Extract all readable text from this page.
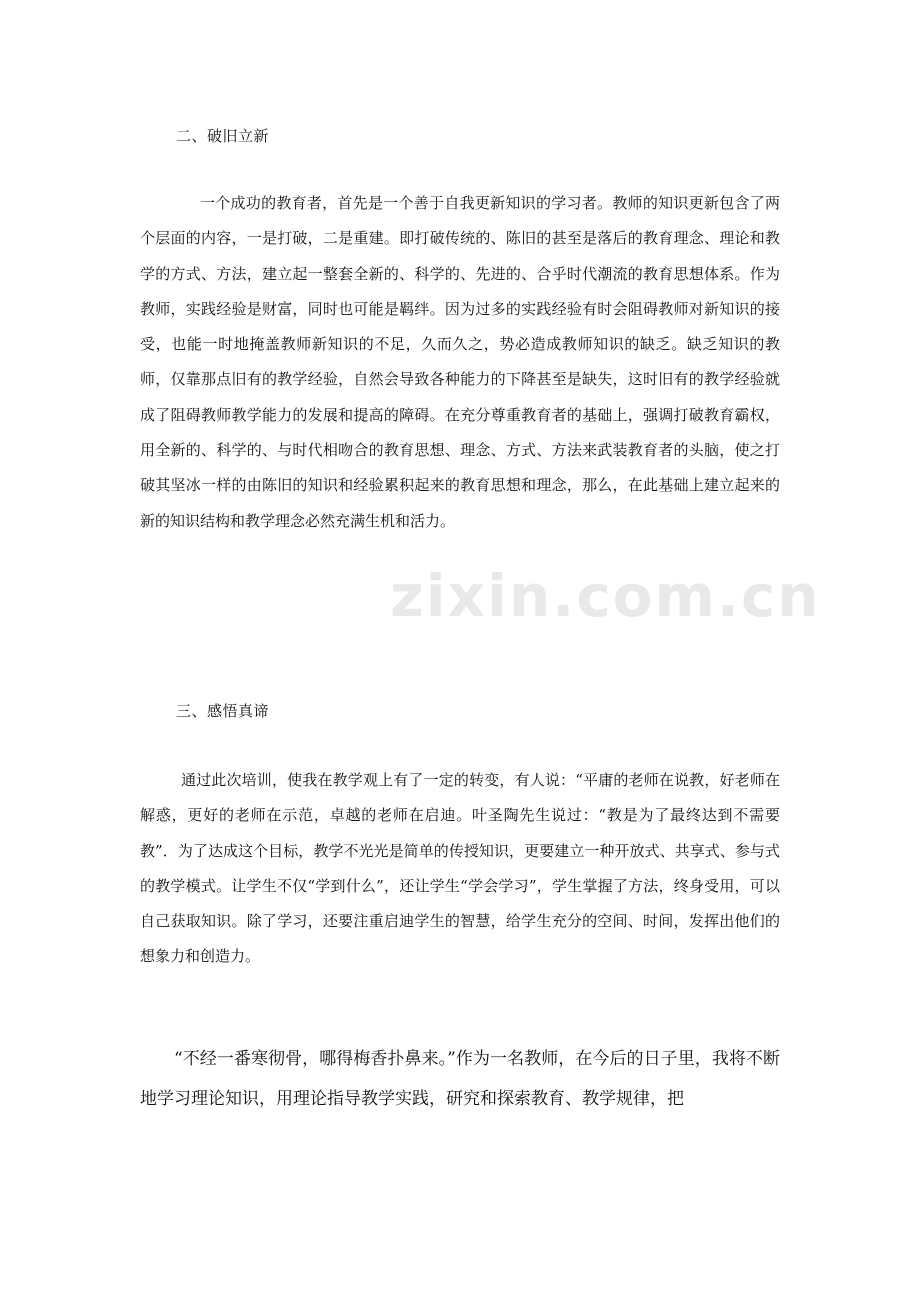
zixin.com.cn
二、破旧立新

一个成功的教育者，首先是一个善于自我更新知识的学习者。教师的知识更新包含了两个层面的内容，一是打破，二是重建。即打破传统的、陈旧的甚至是落后的教育理念、理论和教学的方式、方法，建立起一整套全新的、科学的、先进的、合乎时代潮流的教育思想体系。作为教师，实践经验是财富，同时也可能是羁绊。因为过多的实践经验有时会阻碍教师对新知识的接受，也能一时地掩盖教师新知识的不足，久而久之，势必造成教师知识的缺乏。缺乏知识的教师，仅靠那点旧有的教学经验，自然会导致各种能力的下降甚至是缺失，这时旧有的教学经验就成了阻碍教师教学能力的发展和提高的障碍。在充分尊重教育者的基础上，强调打破教育霸权，用全新的、科学的、与时代相吻合的教育思想、理念、方式、方法来武装教育者的头脑，使之打破其坚冰一样的由陈旧的知识和经验累积起来的教育思想和理念，那么，在此基础上建立起来的新的知识结构和教学理念必然充满生机和活力。

三、感悟真谛

通过此次培训，使我在教学观上有了一定的转变，有人说：“平庸的老师在说教，好老师在解惑，更好的老师在示范，卓越的老师在启迪。叶圣陶先生说过：“教是为了最终达到不需要教”．为了达成这个目标，教学不光光是简单的传授知识，更要建立一种开放式、共享式、参与式的教学模式。让学生不仅“学到什么”，还让学生“学会学习”，学生掌握了方法，终身受用，可以自己获取知识。除了学习，还要注重启迪学生的智慧，给学生充分的空间、时间，发挥出他们的想象力和创造力。

“不经一番寒彻骨，哪得梅香扑鼻来。”作为一名教师，在今后的日子里，我将不断地学习理论知识，用理论指导教学实践，研究和探索教育、教学规律，把
